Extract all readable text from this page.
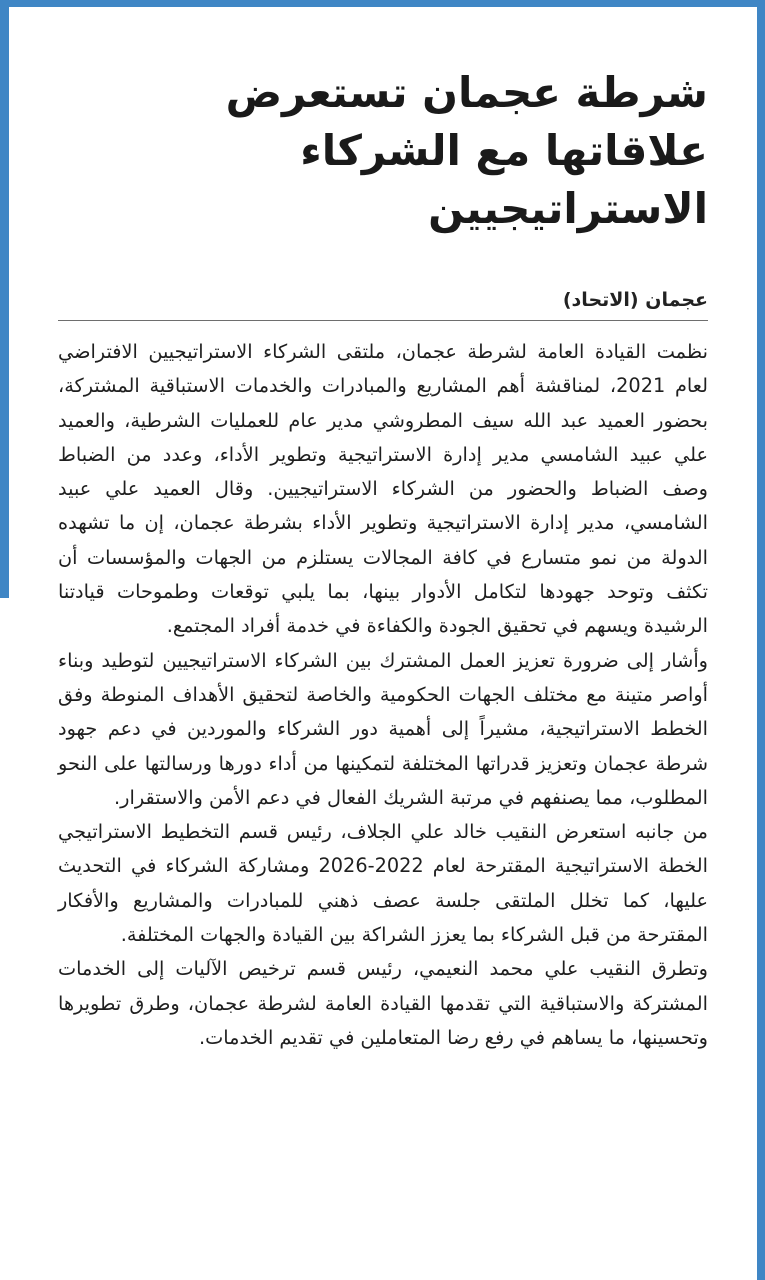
شرطة عجمان تستعرض علاقاتها مع الشركاء الاستراتيجيين
عجمان (الاتحاد)

نظمت القيادة العامة لشرطة عجمان، ملتقى الشركاء الاستراتيجيين الافتراضي لعام 2021، لمناقشة أهم المشاريع والمبادرات والخدمات الاستباقية المشتركة، بحضور العميد عبد الله سيف المطروشي مدير عام للعمليات الشرطية، والعميد علي عبيد الشامسي مدير إدارة الاستراتيجية وتطوير الأداء، وعدد من الضباط وصف الضباط والحضور من الشركاء الاستراتيجيين. وقال العميد علي عبيد الشامسي، مدير إدارة الاستراتيجية وتطوير الأداء بشرطة عجمان، إن ما تشهده الدولة من نمو متسارع في كافة المجالات يستلزم من الجهات والمؤسسات أن تكثف وتوحد جهودها لتكامل الأدوار بينها، بما يلبي توقعات وطموحات قيادتنا الرشيدة ويسهم في تحقيق الجودة والكفاءة في خدمة أفراد المجتمع.

وأشار إلى ضرورة تعزيز العمل المشترك بين الشركاء الاستراتيجيين لتوطيد وبناء أواصر متينة مع مختلف الجهات الحكومية والخاصة لتحقيق الأهداف المنوطة وفق الخطط الاستراتيجية، مشيراً إلى أهمية دور الشركاء والموردين في دعم جهود شرطة عجمان وتعزيز قدراتها المختلفة لتمكينها من أداء دورها ورسالتها على النحو المطلوب، مما يصنفهم في مرتبة الشريك الفعال في دعم الأمن والاستقرار.

من جانبه استعرض النقيب خالد علي الجلاف، رئيس قسم التخطيط الاستراتيجي الخطة الاستراتيجية المقترحة لعام 2022-2026 ومشاركة الشركاء في التحديث عليها، كما تخلل الملتقى جلسة عصف ذهني للمبادرات والمشاريع والأفكار المقترحة من قبل الشركاء بما يعزز الشراكة بين القيادة والجهات المختلفة.

وتطرق النقيب علي محمد النعيمي، رئيس قسم ترخيص الآليات إلى الخدمات المشتركة والاستباقية التي تقدمها القيادة العامة لشرطة عجمان، وطرق تطويرها وتحسينها، ما يساهم في رفع رضا المتعاملين في تقديم الخدمات.
